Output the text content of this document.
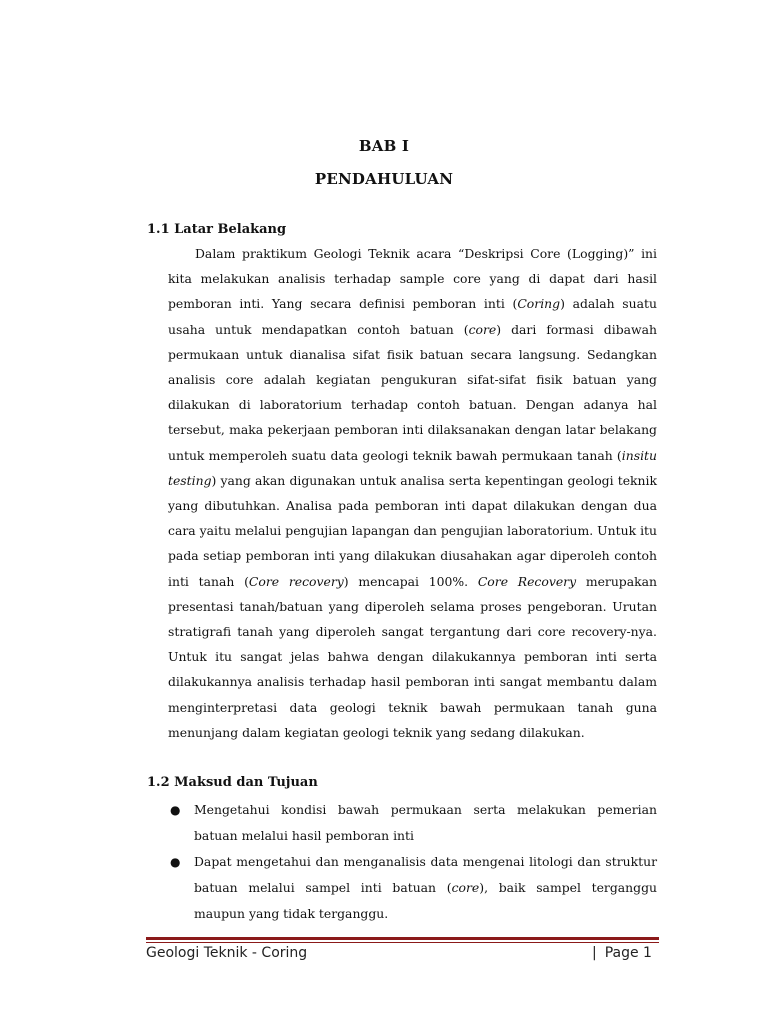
BAB I
PENDAHULUAN
1.1 Latar Belakang

Dalam praktikum Geologi Teknik acara “Deskripsi Core (Logging)” ini kita melakukan analisis terhadap sample core yang di dapat dari hasil pemboran inti. Yang secara definisi pemboran inti (Coring) adalah suatu usaha untuk mendapatkan contoh batuan (core) dari formasi dibawah permukaan untuk dianalisa sifat fisik batuan secara langsung. Sedangkan analisis core adalah kegiatan pengukuran sifat-sifat fisik batuan yang dilakukan di laboratorium terhadap contoh batuan. Dengan adanya hal tersebut, maka pekerjaan pemboran inti dilaksanakan dengan latar belakang untuk memperoleh suatu data geologi teknik bawah permukaan tanah (insitu testing) yang akan digunakan untuk analisa serta kepentingan geologi teknik yang dibutuhkan. Analisa pada pemboran inti dapat dilakukan dengan dua cara yaitu melalui pengujian lapangan dan pengujian laboratorium. Untuk itu pada setiap pemboran inti yang dilakukan diusahakan agar diperoleh contoh inti tanah (Core recovery) mencapai 100%. Core Recovery merupakan presentasi tanah/batuan yang diperoleh selama proses pengeboran. Urutan stratigrafi tanah yang diperoleh sangat tergantung dari core recovery-nya. Untuk itu sangat jelas bahwa dengan dilakukannya pemboran inti serta dilakukannya analisis terhadap hasil pemboran inti sangat membantu dalam menginterpretasi data geologi teknik bawah permukaan tanah guna menunjang dalam kegiatan geologi teknik yang sedang dilakukan.

1.2 Maksud dan Tujuan
● Mengetahui kondisi bawah permukaan serta melakukan pemerian batuan melalui hasil pemboran inti
● Dapat mengetahui dan menganalisis data mengenai litologi dan struktur batuan melalui sampel inti batuan (core), baik sampel terganggu maupun yang tidak terganggu.
Geologi Teknik - Coring	| Page 1
